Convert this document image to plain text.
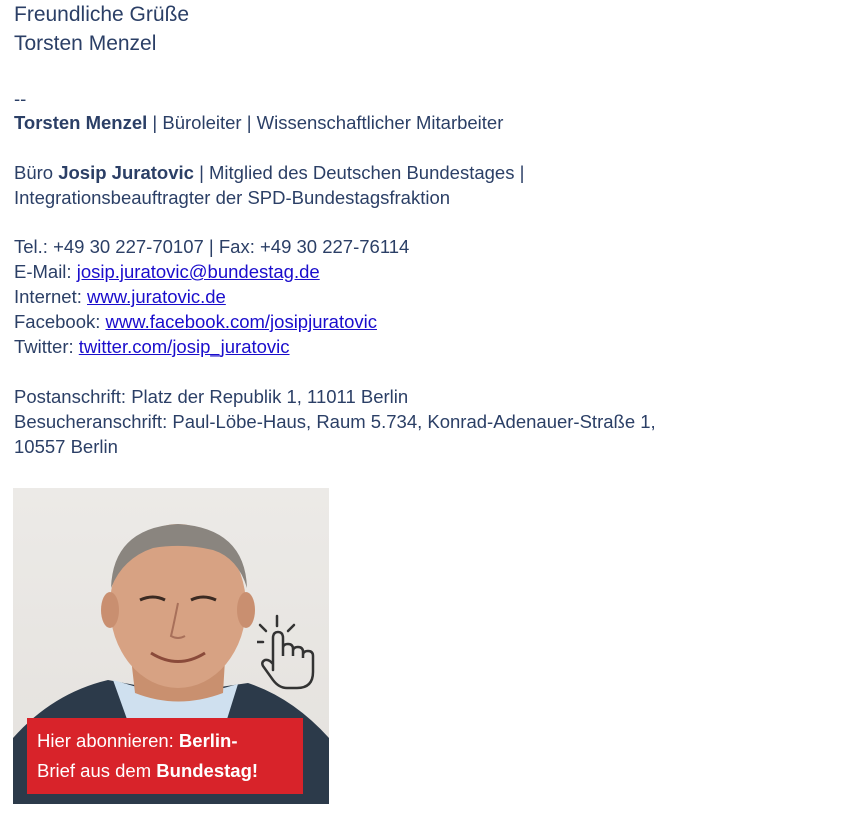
Freundliche Grüße
Torsten Menzel
--
Torsten Menzel | Büroleiter | Wissenschaftlicher Mitarbeiter
Büro Josip Juratovic | Mitglied des Deutschen Bundestages |
Integrationsbeauftragter der SPD-Bundestagsfraktion
Tel.: +49 30 227-70107 | Fax: +49 30 227-76114
E-Mail: josip.juratovic@bundestag.de
Internet: www.juratovic.de
Facebook: www.facebook.com/josipjuratovic
Twitter: twitter.com/josip_juratovic
Postanschrift: Platz der Republik 1, 11011 Berlin
Besucheranschrift: Paul-Löbe-Haus, Raum 5.734, Konrad-Adenauer-Straße 1,
10557 Berlin
Hier abonnieren: Berlin-
Brief aus dem Bundestag!
